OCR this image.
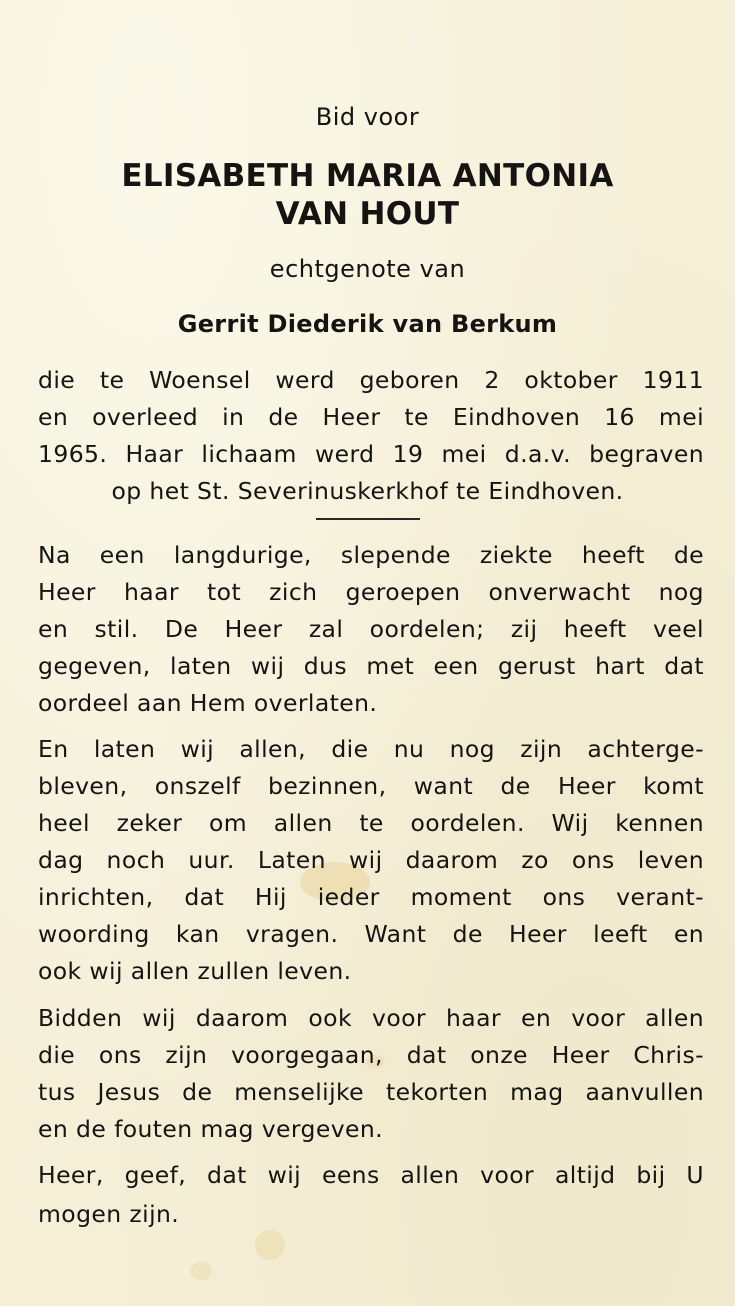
Bid voor
ELISABETH MARIA ANTONIA
VAN HOUT
echtgenote van
Gerrit Diederik van Berkum
die te Woensel werd geboren 2 oktober 1911
en overleed in de Heer te Eindhoven 16 mei
1965. Haar lichaam werd 19 mei d.a.v. begraven
op het St. Severinuskerkhof te Eindhoven.
Na een langdurige, slepende ziekte heeft de
Heer haar tot zich geroepen onverwacht nog
en stil. De Heer zal oordelen; zij heeft veel
gegeven, laten wij dus met een gerust hart dat
oordeel aan Hem overlaten.
En laten wij allen, die nu nog zijn achterge-
bleven, onszelf bezinnen, want de Heer komt
heel zeker om allen te oordelen. Wij kennen
dag noch uur. Laten wij daarom zo ons leven
inrichten, dat Hij ieder moment ons verant-
woording kan vragen. Want de Heer leeft en
ook wij allen zullen leven.
Bidden wij daarom ook voor haar en voor allen
die ons zijn voorgegaan, dat onze Heer Chris-
tus Jesus de menselijke tekorten mag aanvullen
en de fouten mag vergeven.
Heer, geef, dat wij eens allen voor altijd bij U
mogen zijn.
